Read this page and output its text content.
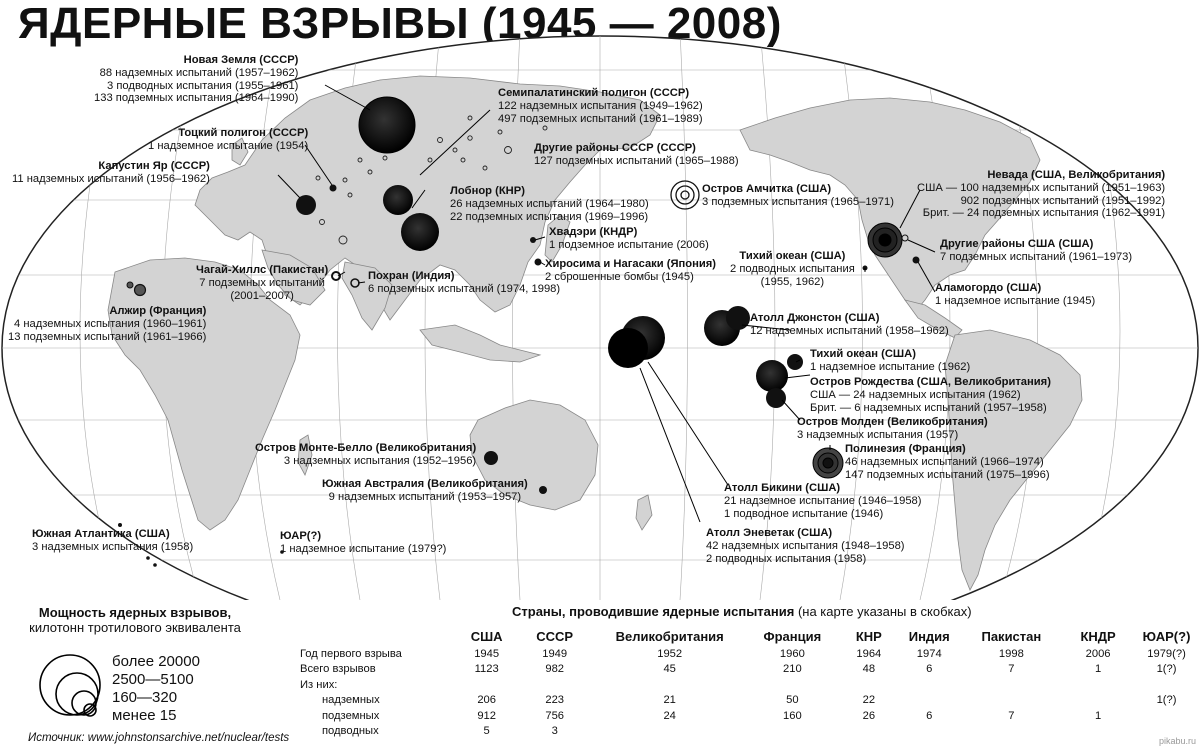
ЯДЕРНЫЕ ВЗРЫВЫ (1945 — 2008)
Новая Земля (СССР)
88 надземных испытаний (1957–1962)
3 подводных испытания (1955–1961)
133 подземных испытания (1964–1990)	Семипалатинский полигон (СССР)
122 надземных испытания (1949–1962)
497 подземных испытаний (1961–1989)
Тоцкий полигон (СССР)
1 надземное испытание (1954)	Другие районы СССР (СССР)
127 подземных испытаний (1965–1988)
Капустин Яр (СССР)
11 надземных испытаний (1956–1962)
Остров Амчитка (США)
3 подземных испытания (1965–1971)
Невада (США, Великобритания)
США — 100 надземных испытаний (1951–1963)
902 подземных испытаний (1951–1992)
Брит. — 24 подземных испытания (1962–1991)
Лобнор (КНР)
26 надземных испытаний (1964–1980)
22 подземных испытания (1969–1996)
Хвадэри (КНДР)
1 подземное испытание (2006)
Хиросима и Нагасаки (Япония)
2 сброшенные бомбы (1945)
Тихий океан (США)
2 подводных испытания
(1955, 1962)
Другие районы США (США)
7 подземных испытаний (1961–1973)
Чагай-Хиллс (Пакистан)
7 подземных испытаний
(2001–2007)
Похран (Индия)
6 подземных испытаний (1974, 1998)	Аламогордо (США)
1 надземное испытание (1945)
Алжир (Франция)
4 надземных испытания (1960–1961)
13 подземных испытаний (1961–1966)
Атолл Джонстон (США)
12 надземных испытаний (1958–1962)
Тихий океан (США)
1 надземное испытание (1962)
Остров Рождества (США, Великобритания)
США — 24 надземных испытания (1962)
Брит. — 6 надземных испытаний (1957–1958)
Остров Молден (Великобритания)
3 надземных испытания (1957)
Остров Монте-Белло (Великобритания)
3 надземных испытания (1952–1956)
Полинезия (Франция)
46 надземных испытаний (1966–1974)
147 подземных испытаний (1975–1996)
Южная Австралия (Великобритания)
9 надземных испытаний (1953–1957)
Атолл Бикини (США)
21 надземное испытание (1946–1958)
1 подводное испытание (1946)
Южная Атлантика (США)
3 надземных испытания (1958)
ЮАР(?)
1 надземное испытание (1979?)
Атолл Эневетак (США)
42 надземных испытания (1948–1958)
2 подводных испытания (1958)
Мощность ядерных взрывов,
килотонн тротилового эквивалента
более 20000
2500—5100
160—320
менее 15
Страны, проводившие ядерные испытания (на карте указаны в скобках)
	США	СССР	Великобритания	Франция	КНР	Индия	Пакистан	КНДР	ЮАР(?)
Год первого взрыва	1945	1949	1952	1960	1964	1974	1998	2006	1979(?)
Всего взрывов	1123	982	45	210	48	6	7	1	1(?)
Из них:									
надземных	206	223	21	50	22				1(?)
подземных	912	756	24	160	26	6	7	1	
подводных	5	3							
Источник: www.johnstonsarchive.net/nuclear/tests	pikabu.ru
